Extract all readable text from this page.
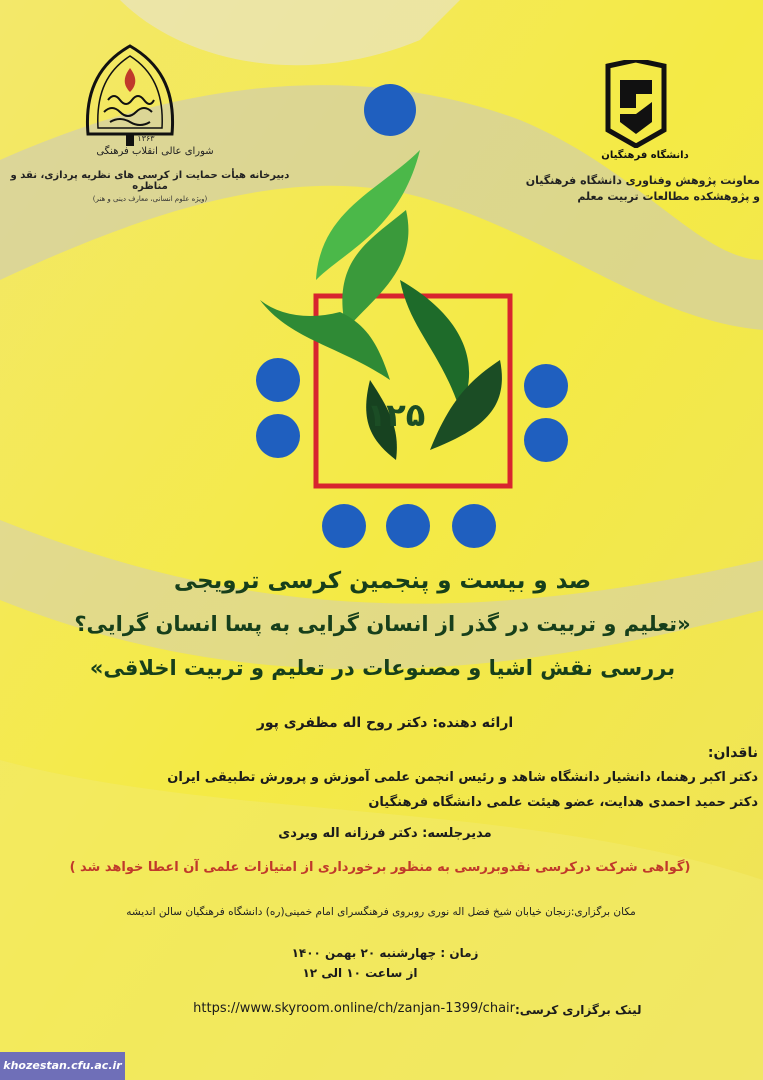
۱۳۶۳
شورای عالی انقلاب فرهنگی
دبیرخانه هیأت حمایت از کرسی های نظریه پردازی، نقد و مناظره
(ویژه علوم انسانی، معارف دینی و هنر)
دانشگاه فرهنگیان
معاونت پژوهش وفناوری دانشگاه فرهنگیان
و پژوهشکده مطالعات تربیت معلم
۱۲۵
صد و بیست و پنجمین کرسی ترویجی
«تعلیم و تربیت در گذر از انسان گرایی به پسا انسان گرایی؟
بررسی نقش اشیا و مصنوعات در تعلیم و تربیت اخلاقی»
ارائه دهنده: دکتر روح اله مظفری پور
ناقدان:
دکتر اکبر رهنما، دانشیار دانشگاه شاهد و رئیس انجمن علمی آموزش و پرورش تطبیقی ایران
دکتر حمید احمدی هدایت، عضو هیئت علمی دانشگاه فرهنگیان
مدیرجلسه: دکتر فرزانه اله ویردی
(گواهی شرکت درکرسی نقدوبررسی به منظور برخورداری از امتیازات علمی آن اعطا خواهد شد )
مکان برگزاری:زنجان خیابان شیخ فضل اله نوری روبروی فرهنگسرای امام خمینی(ره) دانشگاه فرهنگیان سالن اندیشه
زمان : چهارشنبه ۲۰ بهمن ۱۴۰۰
از ساعت ۱۰ الی ۱۲
لینک برگزاری کرسی:
https://www.skyroom.online/ch/zanjan-1399/chair
khozestan.cfu.ac.ir
